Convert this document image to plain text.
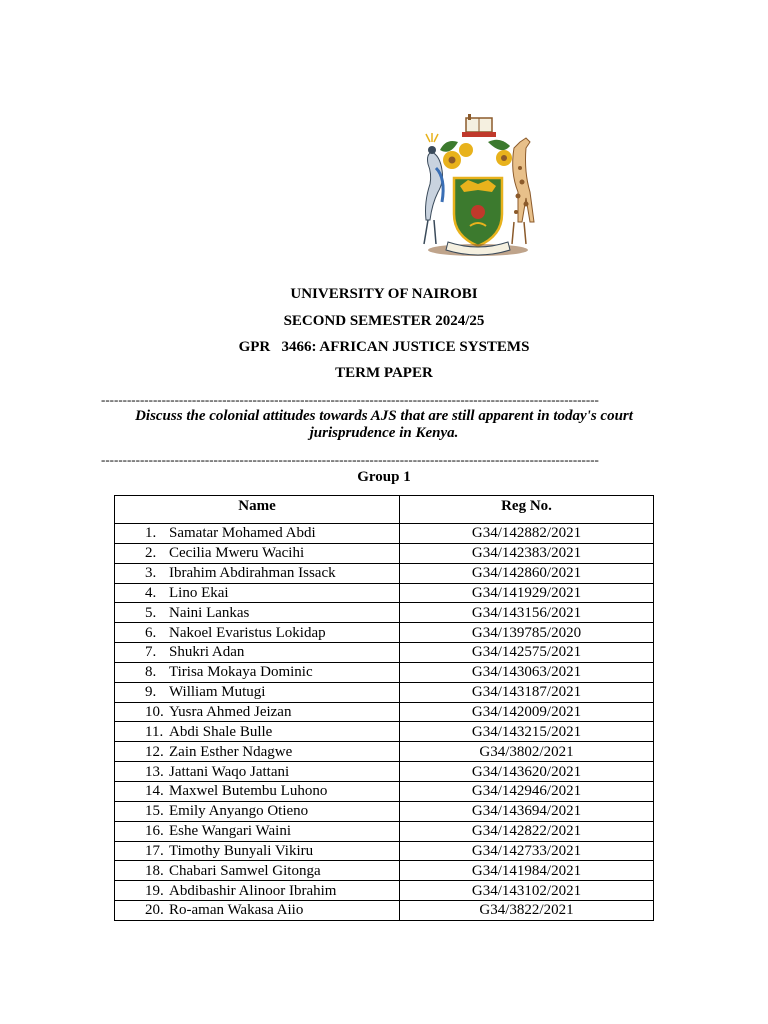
UNIVERSITY OF NAIROBI
SECOND SEMESTER 2024/25
GPR   3466: AFRICAN JUSTICE SYSTEMS
TERM PAPER
-------------------------------------------------------------------------------------------------------------------
Discuss the colonial attitudes towards AJS that are still apparent in today's court jurisprudence in Kenya.
-------------------------------------------------------------------------------------------------------------------
Group 1
Name	Reg No.
1. Samatar Mohamed Abdi	G34/142882/2021
2. Cecilia Mweru Wacihi	G34/142383/2021
3. Ibrahim Abdirahman Issack	G34/142860/2021
4. Lino Ekai	G34/141929/2021
5. Naini Lankas	G34/143156/2021
6. Nakoel Evaristus Lokidap	G34/139785/2020
7. Shukri Adan	G34/142575/2021
8. Tirisa Mokaya Dominic	G34/143063/2021
9. William Mutugi	G34/143187/2021
10. Yusra Ahmed Jeizan	G34/142009/2021
11. Abdi Shale Bulle	G34/143215/2021
12. Zain Esther Ndagwe	G34/3802/2021
13. Jattani Waqo Jattani	G34/143620/2021
14. Maxwel Butembu Luhono	G34/142946/2021
15. Emily Anyango Otieno	G34/143694/2021
16. Eshe Wangari Waini	G34/142822/2021
17. Timothy Bunyali Vikiru	G34/142733/2021
18. Chabari Samwel Gitonga	G34/141984/2021
19. Abdibashir Alinoor Ibrahim	G34/143102/2021
20. Ro-aman Wakasa Aiio	G34/3822/2021
